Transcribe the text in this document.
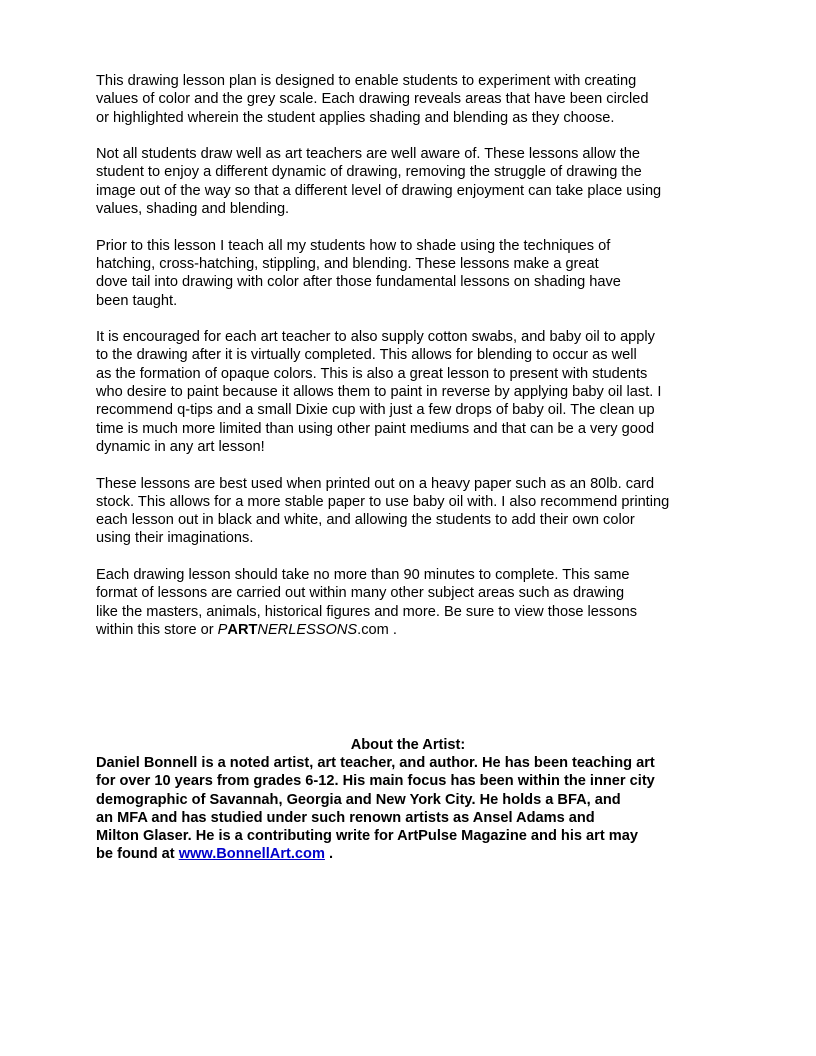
This drawing lesson plan is designed to enable students to experiment with creating
values of color and the grey scale. Each drawing reveals areas that have been circled
or highlighted wherein the student applies shading and blending as they choose.

Not all students draw well as art teachers are well aware of. These lessons allow the
student to enjoy a different dynamic of drawing, removing the struggle of drawing the
image out of the way so that a different level of drawing enjoyment can take place using
values, shading and blending.

Prior to this lesson I teach all my students how to shade using the techniques of
hatching, cross-hatching, stippling, and blending. These lessons make a great
dove tail into drawing with color after those fundamental lessons on shading have
been taught.

It is encouraged for each art teacher to also supply cotton swabs, and baby oil to apply
to the drawing after it is virtually completed. This allows for blending to occur as well
as the formation of opaque colors. This is also a great lesson to present with students
who desire to paint because it allows them to paint in reverse by applying baby oil last. I
recommend q-tips and a small Dixie cup with just a few drops of baby oil. The clean up
time is much more limited than using other paint mediums and that can be a very good
dynamic in any art lesson!

These lessons are best used when printed out on a heavy paper such as an 80lb. card
stock. This allows for a more stable paper to use baby oil with. I also recommend printing
each lesson out in black and white, and allowing the students to add their own color
using their imaginations.

Each drawing lesson should take no more than 90 minutes to complete. This same
format of lessons are carried out within many other subject areas such as drawing
like the masters, animals, historical figures and more. Be sure to view those lessons
within this store or PARTNERLESSONS.com .

About the Artist:
Daniel Bonnell is a noted artist, art teacher, and author. He has been teaching art
for over 10 years from grades 6-12. His main focus has been within the inner city
demographic of Savannah, Georgia and New York City. He holds a BFA, and
an MFA and has studied under such renown artists as Ansel Adams and
Milton Glaser. He is a contributing write for ArtPulse Magazine and his art may
be found at www.BonnellArt.com .
